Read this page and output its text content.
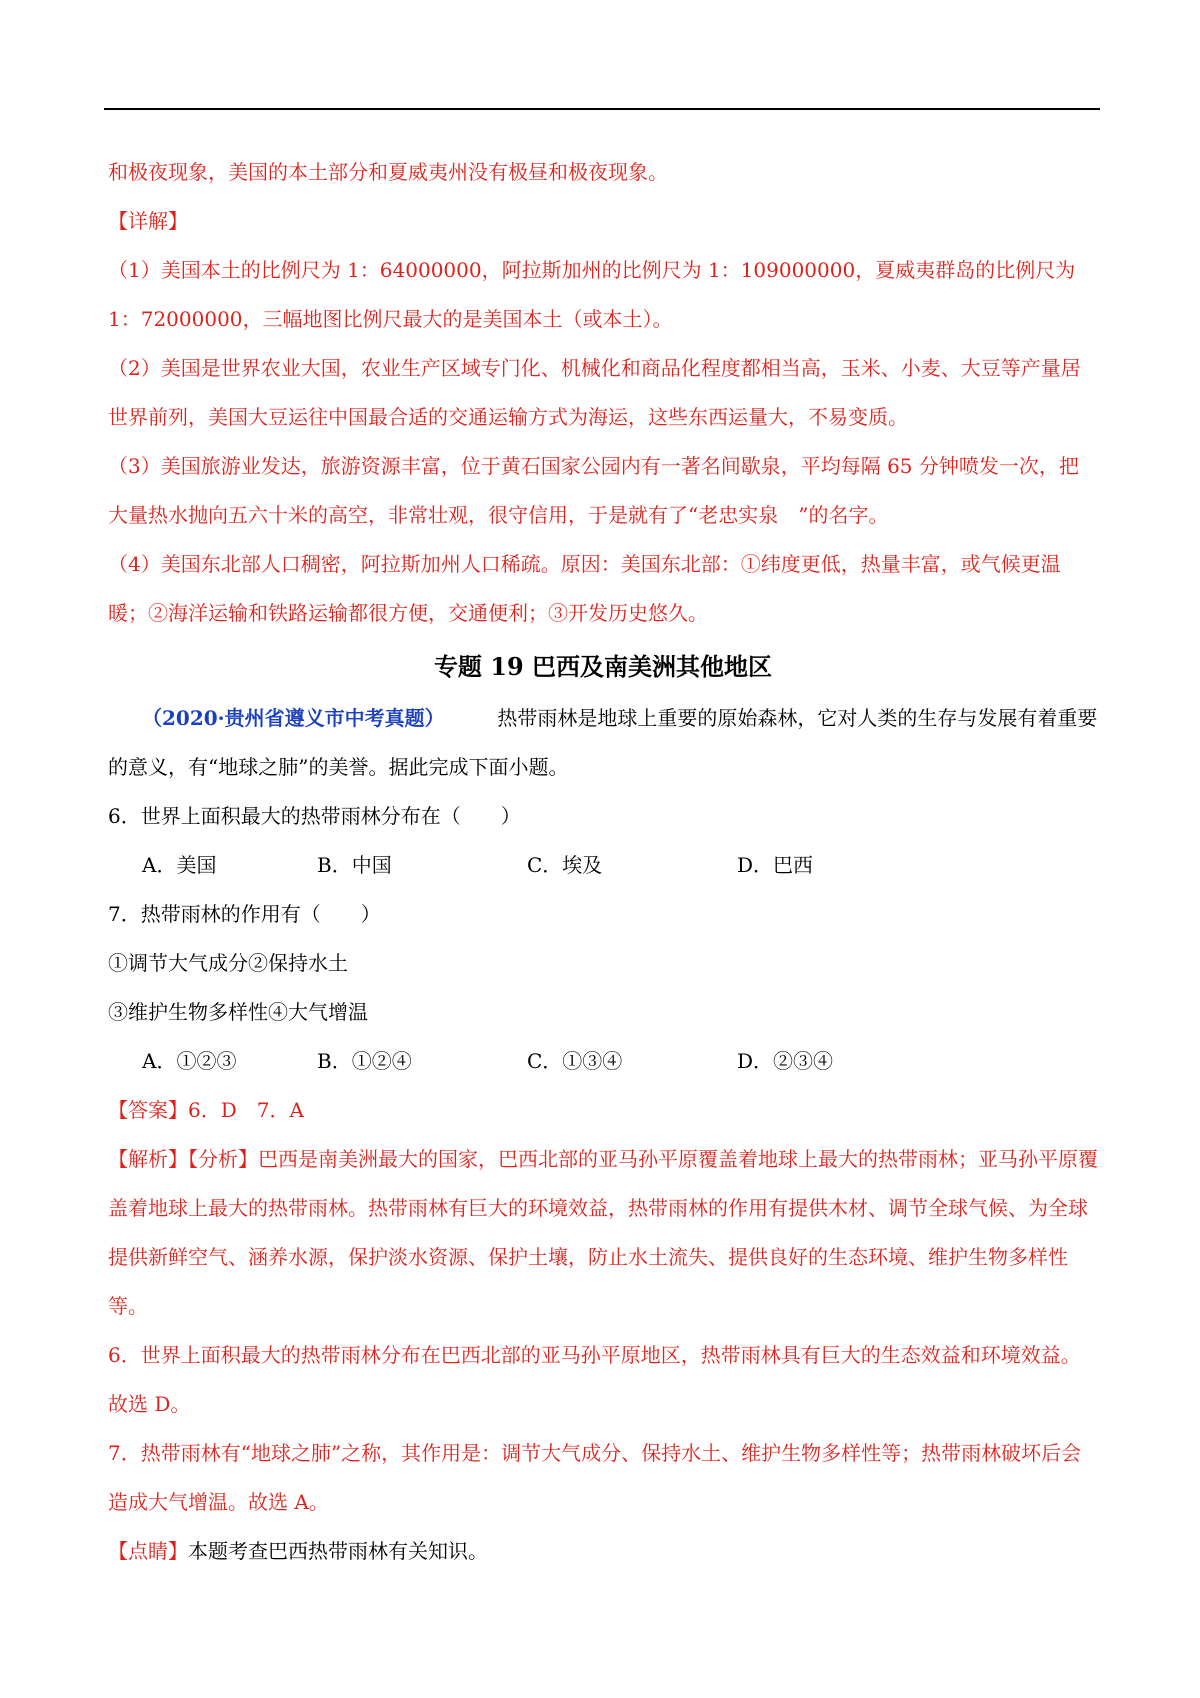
和极夜现象，美国的本土部分和夏威夷州没有极昼和极夜现象。

【详解】

（1）美国本土的比例尺为 1：64000000，阿拉斯加州的比例尺为 1：109000000，夏威夷群岛的比例尺为 1：72000000，三幅地图比例尺最大的是美国本土（或本土）。

（2）美国是世界农业大国，农业生产区域专门化、机械化和商品化程度都相当高，玉米、小麦、大豆等产量居世界前列，美国大豆运往中国最合适的交通运输方式为海运，这些东西运量大，不易变质。

（3）美国旅游业发达，旅游资源丰富，位于黄石国家公园内有一著名间歇泉，平均每隔 65 分钟喷发一次，把大量热水抛向五六十米的高空，非常壮观，很守信用，于是就有了“老忠实泉　”的名字。

（4）美国东北部人口稠密，阿拉斯加州人口稀疏。原因：美国东北部：①纬度更低，热量丰富，或气候更温暖；②海洋运输和铁路运输都很方便，交通便利；③开发历史悠久。

专题 19 巴西及南美洲其他地区

（2020·贵州省遵义市中考真题）	热带雨林是地球上重要的原始森林，它对人类的生存与发展有着重要的意义，有“地球之肺”的美誉。据此完成下面小题。

6．世界上面积最大的热带雨林分布在（　　）

A．美国	B．中国	C．埃及	D．巴西

7．热带雨林的作用有（　　）

①调节大气成分②保持水土

③维护生物多样性④大气增温

A．①②③	B．①②④	C．①③④	D．②③④

【答案】6．D　7．A

【解析】【分析】巴西是南美洲最大的国家，巴西北部的亚马孙平原覆盖着地球上最大的热带雨林；亚马孙平原覆盖着地球上最大的热带雨林。热带雨林有巨大的环境效益，热带雨林的作用有提供木材、调节全球气候、为全球提供新鲜空气、涵养水源，保护淡水资源、保护土壤，防止水土流失、提供良好的生态环境、维护生物多样性等。

6．世界上面积最大的热带雨林分布在巴西北部的亚马孙平原地区，热带雨林具有巨大的生态效益和环境效益。故选 D。

7．热带雨林有“地球之肺”之称，其作用是：调节大气成分、保持水土、维护生物多样性等；热带雨林破坏后会造成大气增温。故选 A。

【点睛】本题考查巴西热带雨林有关知识。
